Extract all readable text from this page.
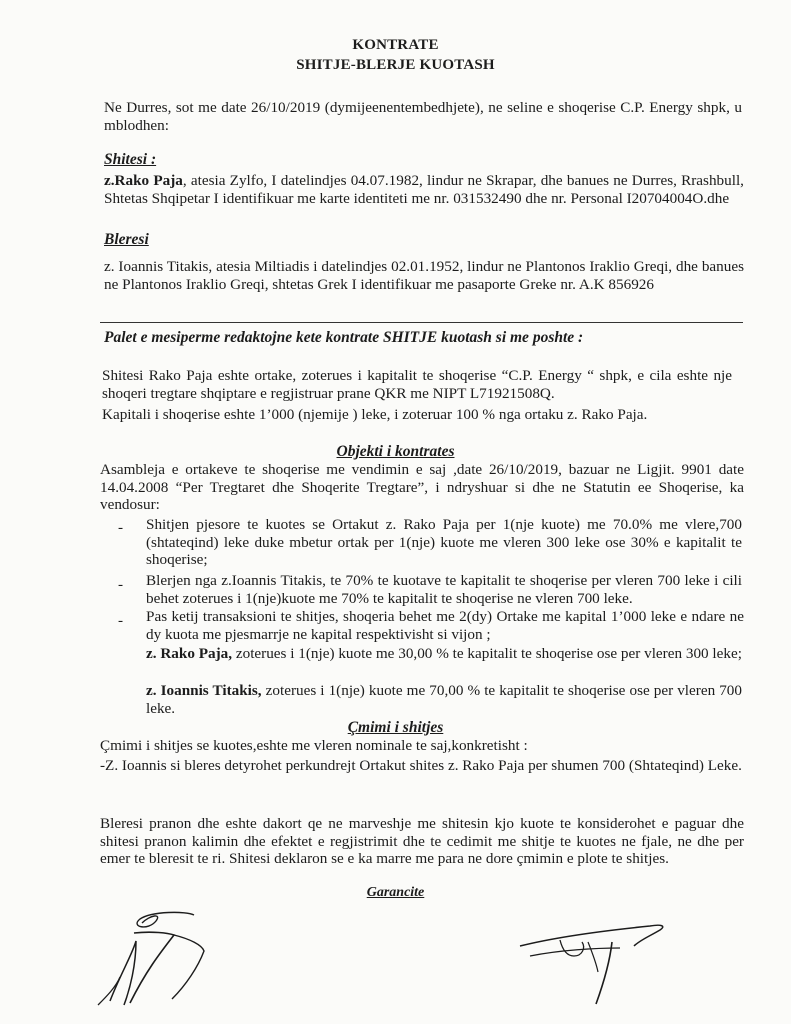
KONTRATE
SHITJE-BLERJE KUOTASH

Ne Durres, sot me date 26/10/2019 (dymijeenentembedhjete), ne seline e shoqerise C.P. Energy shpk, u mblodhen:

Shitesi :

z.Rako Paja, atesia Zylfo, I datelindjes 04.07.1982, lindur ne Skrapar, dhe banues ne Durres, Rrashbull, Shtetas Shqipetar I identifikuar me karte identiteti me nr. 031532490 dhe nr. Personal I20704004O.dhe

Bleresi

z. Ioannis Titakis, atesia Miltiadis i datelindjes 02.01.1952, lindur ne Plantonos Iraklio Greqi, dhe banues ne Plantonos Iraklio Greqi, shtetas Grek I identifikuar me pasaporte Greke nr. A.K 856926

Palet e mesiperme redaktojne kete kontrate SHITJE kuotash si me poshte :

Shitesi Rako Paja eshte ortake, zoterues i kapitalit te shoqerise “C.P. Energy “ shpk, e cila eshte nje shoqeri tregtare shqiptare e regjistruar prane QKR me NIPT L71921508Q.

Kapitali i shoqerise eshte 1’000 (njemije ) leke, i zoteruar 100 % nga ortaku z. Rako Paja.

Objekti i kontrates

Asambleja e ortakeve te shoqerise me vendimin e saj ,date 26/10/2019, bazuar ne Ligjit. 9901 date 14.04.2008 “Per Tregtaret dhe Shoqerite Tregtare”, i ndryshuar si dhe ne Statutin ee Shoqerise, ka vendosur:

- Shitjen pjesore te kuotes se Ortakut z. Rako Paja per 1(nje kuote) me 70.0% me vlere,700 (shtateqind) leke duke mbetur ortak per 1(nje) kuote me vleren 300 leke ose 30% e kapitalit te shoqerise;

- Blerjen nga z.Ioannis Titakis, te 70% te kuotave te kapitalit te shoqerise per vleren 700 leke i cili behet zoterues i 1(nje)kuote me 70% te kapitalit te shoqerise ne vleren 700 leke.

- Pas ketij transaksioni te shitjes, shoqeria behet me 2(dy) Ortake me kapital 1’000 leke e ndare ne dy kuota me pjesmarrje ne kapital respektivisht si vijon ;

z. Rako Paja, zoterues i 1(nje) kuote me 30,00 % te kapitalit te shoqerise ose per vleren 300 leke;

z. Ioannis Titakis, zoterues i 1(nje) kuote me 70,00 % te kapitalit te shoqerise ose per vleren 700 leke.

Çmimi i shitjes

Çmimi i shitjes se kuotes,eshte me vleren nominale te saj,konkretisht :

-Z. Ioannis si bleres detyrohet perkundrejt Ortakut shites z. Rako Paja per shumen 700 (Shtateqind) Leke.

Bleresi pranon dhe eshte dakort qe ne marveshje me shitesin kjo kuote te konsiderohet e paguar dhe shitesi pranon kalimin dhe efektet e regjistrimit dhe te cedimit me shitje te kuotes ne fjale, ne dhe per emer te bleresit te ri. Shitesi deklaron se e ka marre me para ne dore çmimin e plote te shitjes.

Garancite
